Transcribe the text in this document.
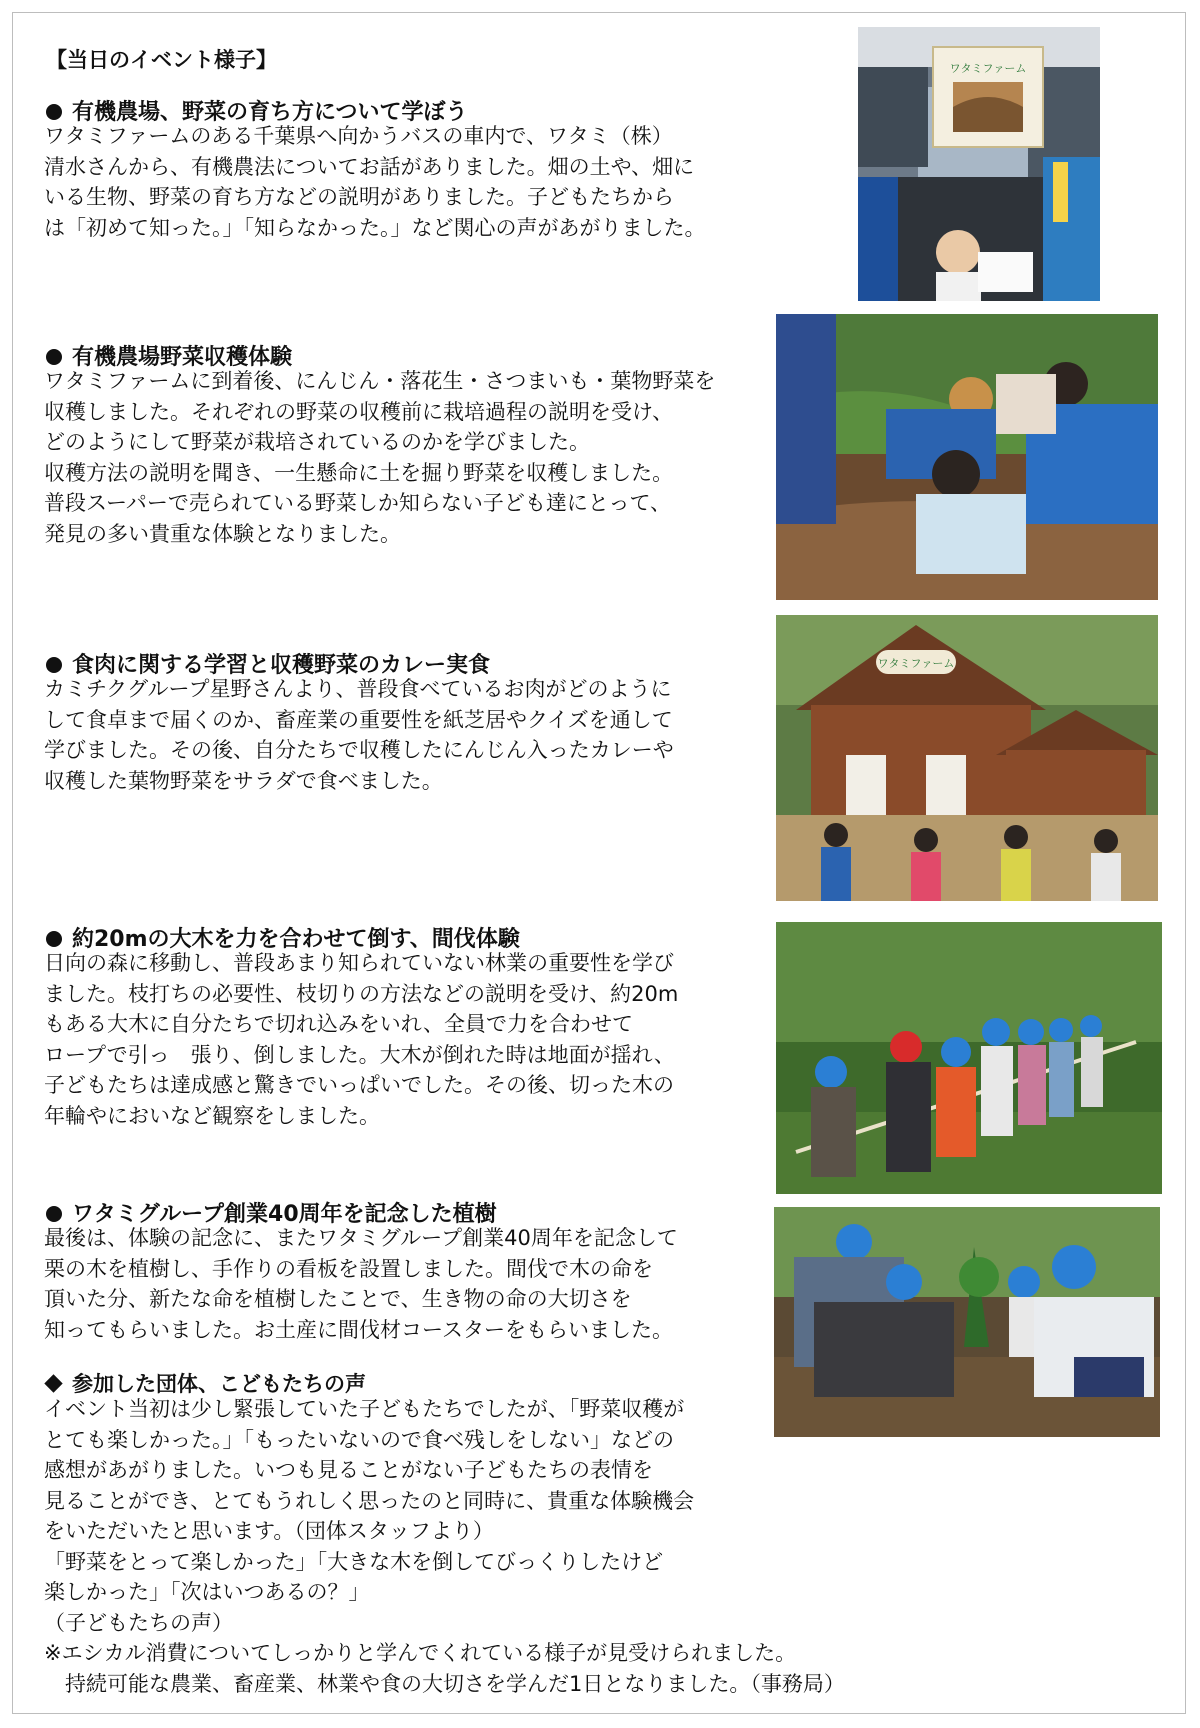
【当日のイベント様子】
有機農場、野菜の育ち方について学ぼう
ワタミファームのある千葉県へ向かうバスの車内で、ワタミ（株）
清水さんから、有機農法についてお話がありました。畑の土や、畑に
いる生物、野菜の育ち方などの説明がありました。子どもたちから
は「初めて知った。」「知らなかった。」など関心の声があがりました。
有機農場野菜収穫体験
ワタミファームに到着後、にんじん・落花生・さつまいも・葉物野菜を
収穫しました。それぞれの野菜の収穫前に栽培過程の説明を受け、
どのようにして野菜が栽培されているのかを学びました。
収穫方法の説明を聞き、一生懸命に土を掘り野菜を収穫しました。
普段スーパーで売られている野菜しか知らない子ども達にとって、
発見の多い貴重な体験となりました。
食肉に関する学習と収穫野菜のカレー実食
カミチクグループ星野さんより、普段食べているお肉がどのように
して食卓まで届くのか、畜産業の重要性を紙芝居やクイズを通して
学びました。その後、自分たちで収穫したにんじん入ったカレーや
収穫した葉物野菜をサラダで食べました。
約20mの大木を力を合わせて倒す、間伐体験
日向の森に移動し、普段あまり知られていない林業の重要性を学び
ました。枝打ちの必要性、枝切りの方法などの説明を受け、約20m
もある大木に自分たちで切れ込みをいれ、全員で力を合わせて
ロープで引っ　張り、倒しました。大木が倒れた時は地面が揺れ、
子どもたちは達成感と驚きでいっぱいでした。その後、切った木の
年輪やにおいなど観察をしました。
ワタミグループ創業40周年を記念した植樹
最後は、体験の記念に、またワタミグループ創業40周年を記念して
栗の木を植樹し、手作りの看板を設置しました。間伐で木の命を
頂いた分、新たな命を植樹したことで、生き物の命の大切さを
知ってもらいました。お土産に間伐材コースターをもらいました。
参加した団体、こどもたちの声
イベント当初は少し緊張していた子どもたちでしたが、「野菜収穫が
とても楽しかった。」「もったいないので食べ残しをしない」などの
感想があがりました。いつも見ることがない子どもたちの表情を
見ることができ、とてもうれしく思ったのと同時に、貴重な体験機会
をいただいたと思います。（団体スタッフより）
「野菜をとって楽しかった」「大きな木を倒してびっくりしたけど
楽しかった」「次はいつあるの？」
（子どもたちの声）
※エシカル消費についてしっかりと学んでくれている様子が見受けられました。
　持続可能な農業、畜産業、林業や食の大切さを学んだ1日となりました。（事務局）
ワタミファーム
ワタミファーム
